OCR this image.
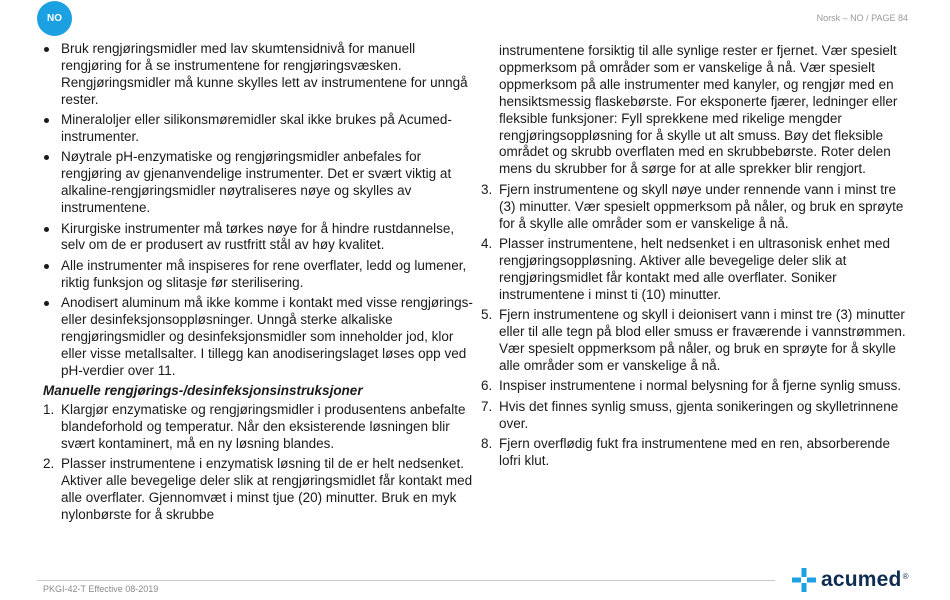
NO	Norsk – NO / PAGE 84
Bruk rengjøringsmidler med lav skumtensidnivå for manuell rengjøring for å se instrumentene for rengjøringsvæsken. Rengjøringsmidler må kunne skylles lett av instrumentene for unngå rester.
Mineraloljer eller silikonsmøremidler skal ikke brukes på Acumed-instrumenter.
Nøytrale pH-enzymatiske og rengjøringsmidler anbefales for rengjøring av gjenanvendelige instrumenter. Det er svært viktig at alkaline-rengjøringsmidler nøytraliseres nøye og skylles av instrumentene.
Kirurgiske instrumenter må tørkes nøye for å hindre rustdannelse, selv om de er produsert av rustfritt stål av høy kvalitet.
Alle instrumenter må inspiseres for rene overflater, ledd og lumener, riktig funksjon og slitasje før sterilisering.
Anodisert aluminum må ikke komme i kontakt med visse rengjørings- eller desinfeksjonsoppløsninger. Unngå sterke alkaliske rengjøringsmidler og desinfeksjonsmidler som inneholder jod, klor eller visse metallsalter. I tillegg kan anodiseringslaget løses opp ved pH-verdier over 11.
Manuelle rengjørings-/desinfeksjonsinstruksjoner
1. Klargjør enzymatiske og rengjøringsmidler i produsentens anbefalte blandeforhold og temperatur. Når den eksisterende løsningen blir svært kontaminert, må en ny løsning blandes.
2. Plasser instrumentene i enzymatisk løsning til de er helt nedsenket. Aktiver alle bevegelige deler slik at rengjøringsmidlet får kontakt med alle overflater. Gjennomvæt i minst tjue (20) minutter. Bruk en myk nylonbørste for å skrubbe
instrumentene forsiktig til alle synlige rester er fjernet. Vær spesielt oppmerksom på områder som er vanskelige å nå. Vær spesielt oppmerksom på alle instrumenter med kanyler, og rengjør med en hensiktsmessig flaskebørste. For eksponerte fjærer, ledninger eller fleksible funksjoner: Fyll sprekkene med rikelige mengder rengjøringsoppløsning for å skylle ut alt smuss. Bøy det fleksible området og skrubb overflaten med en skrubbebørste. Roter delen mens du skrubber for å sørge for at alle sprekker blir rengjort.
3. Fjern instrumentene og skyll nøye under rennende vann i minst tre (3) minutter. Vær spesielt oppmerksom på nåler, og bruk en sprøyte for å skylle alle områder som er vanskelige å nå.
4. Plasser instrumentene, helt nedsenket i en ultrasonisk enhet med rengjøringsoppløsning. Aktiver alle bevegelige deler slik at rengjøringsmidlet får kontakt med alle overflater. Soniker instrumentene i minst ti (10) minutter.
5. Fjern instrumentene og skyll i deionisert vann i minst tre (3) minutter eller til alle tegn på blod eller smuss er fraværende i vannstrømmen. Vær spesielt oppmerksom på nåler, og bruk en sprøyte for å skylle alle områder som er vanskelige å nå.
6. Inspiser instrumentene i normal belysning for å fjerne synlig smuss.
7. Hvis det finnes synlig smuss, gjenta sonikeringen og skylletrinnene over.
8. Fjern overflødig fukt fra instrumentene med en ren, absorberende lofri klut.
PKGI-42-T Effective 08-2019	acumed ®
